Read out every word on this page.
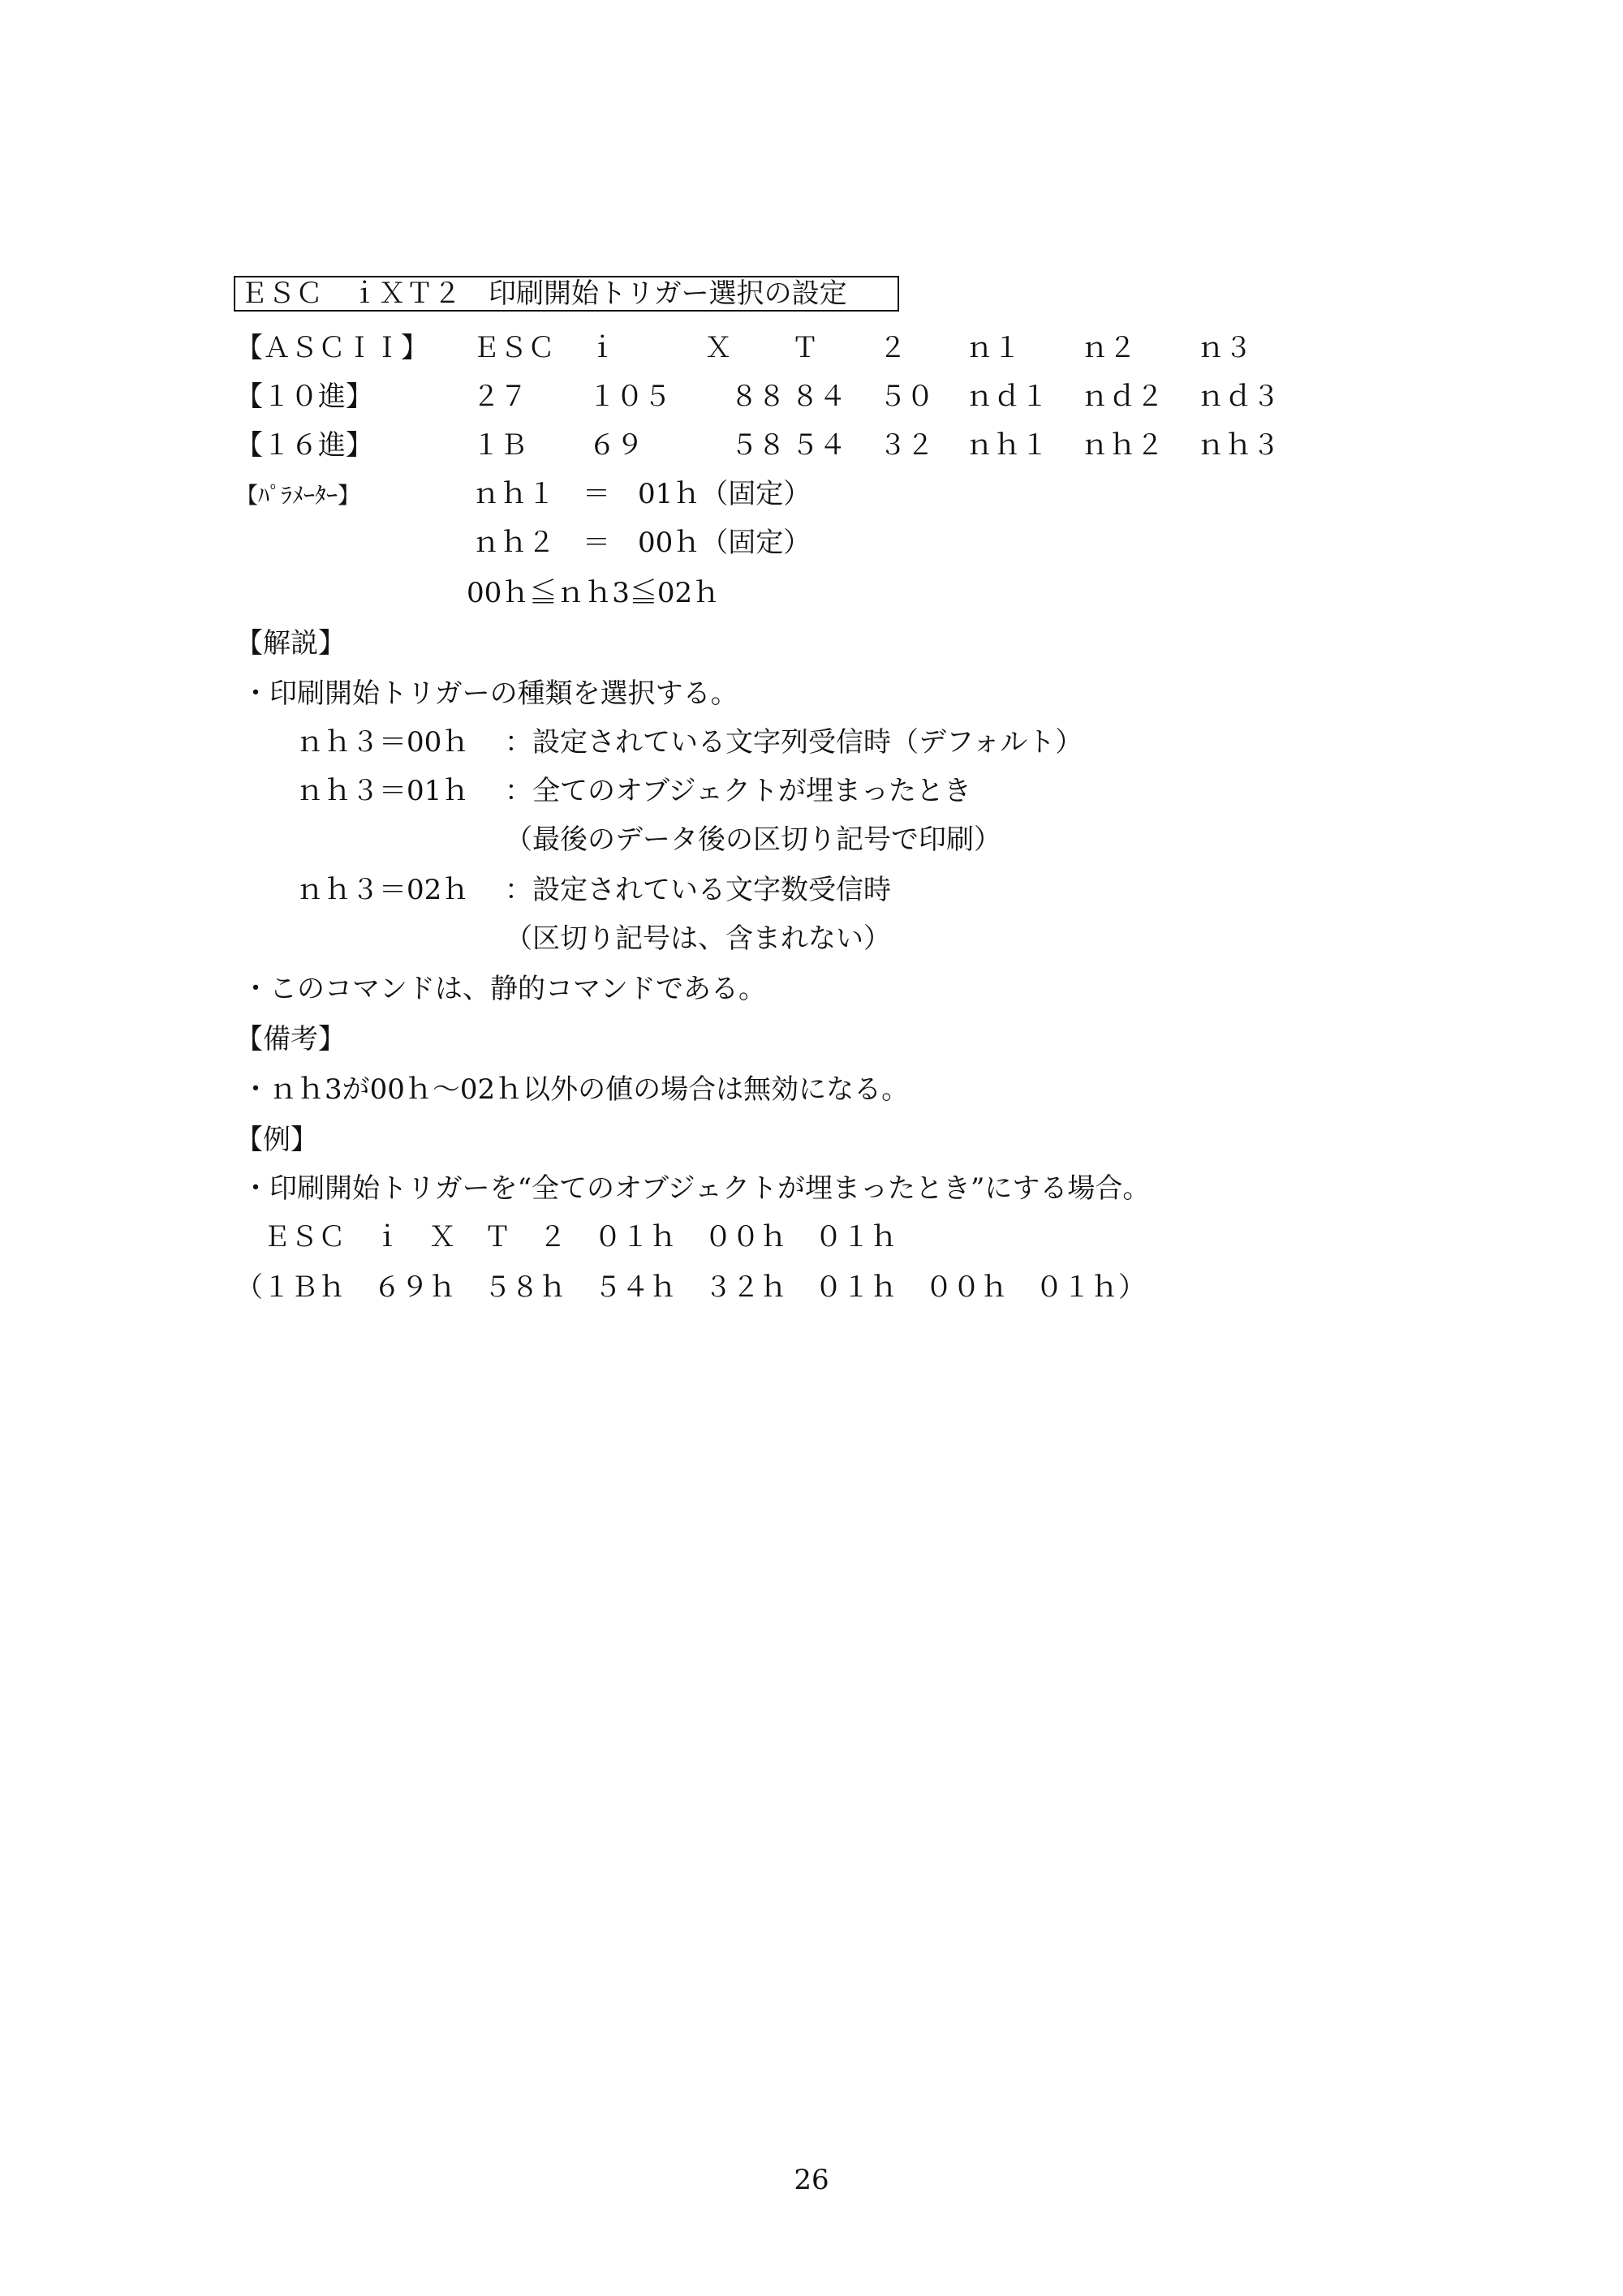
ＥＳＣ　ｉＸＴ２　印刷開始トリガー選択の設定
【ＡＳＣＩＩ】 ＥＳＣ ｉ	Ｘ Ｔ ２ ｎ１ ｎ２ ｎ３
【１０進】	２７ １０５ ８８ ８４ ５０ ｎｄ１ ｎｄ２ ｎｄ３
【１６進】	１Ｂ ６９	５８ ５４ ３２ ｎｈ１ ｎｈ２ ｎｈ３
【ﾊﾟﾗﾒｰﾀｰ】	ｎｈ１　＝　01ｈ（固定）
ｎｈ２　＝　00ｈ（固定）
00ｈ≦ｎｈ3≦02ｈ
【解説】
・印刷開始トリガーの種類を選択する。
ｎｈ３＝00ｈ ：設定されている文字列受信時（デフォルト）
ｎｈ３＝01ｈ ：全てのオブジェクトが埋まったとき
（最後のデータ後の区切り記号で印刷）
ｎｈ３＝02ｈ ：設定されている文字数受信時
（区切り記号は、含まれない）
・このコマンドは、静的コマンドである。
【備考】
・ｎｈ3が00ｈ～02ｈ以外の値の場合は無効になる。
【例】
・印刷開始トリガーを“全てのオブジェクトが埋まったとき”にする場合。
ＥＳＣ　ｉ　Ｘ　Ｔ　２　０１ｈ　００ｈ　０１ｈ
（１Ｂｈ　６９ｈ　５８ｈ　５４ｈ　３２ｈ　０１ｈ　００ｈ　０１ｈ）
26
